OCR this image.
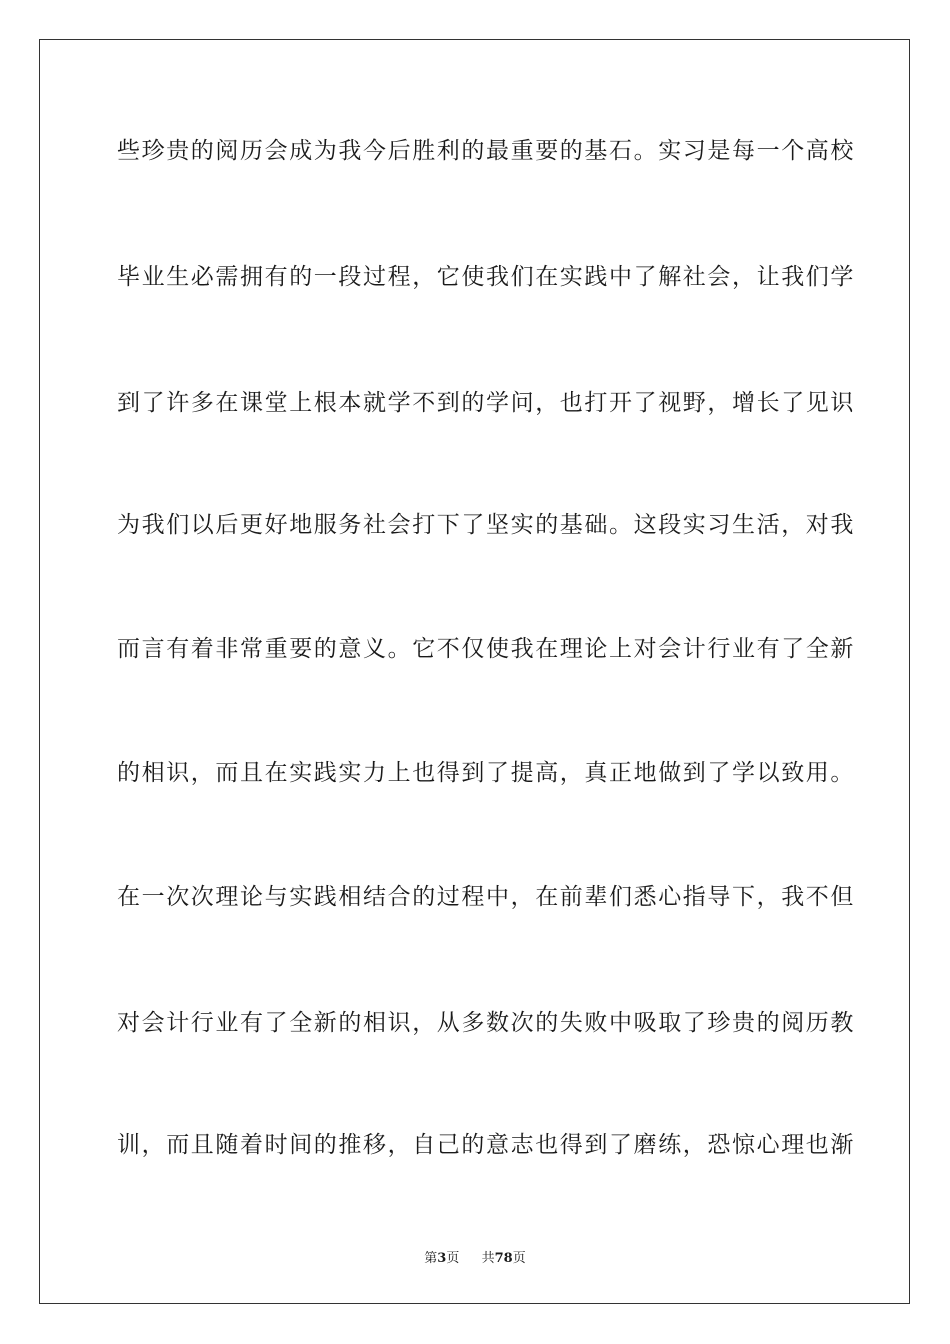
些珍贵的阅历会成为我今后胜利的最重要的基石。实习是每一个高校
毕业生必需拥有的一段过程，它使我们在实践中了解社会，让我们学
到了许多在课堂上根本就学不到的学问，也打开了视野，增长了见识
为我们以后更好地服务社会打下了坚实的基础。这段实习生活，对我
而言有着非常重要的意义。它不仅使我在理论上对会计行业有了全新
的相识，而且在实践实力上也得到了提高，真正地做到了学以致用。
在一次次理论与实践相结合的过程中，在前辈们悉心指导下，我不但
对会计行业有了全新的相识，从多数次的失败中吸取了珍贵的阅历教
训，而且随着时间的推移，自己的意志也得到了磨练，恐惊心理也渐
第3页 共78页
